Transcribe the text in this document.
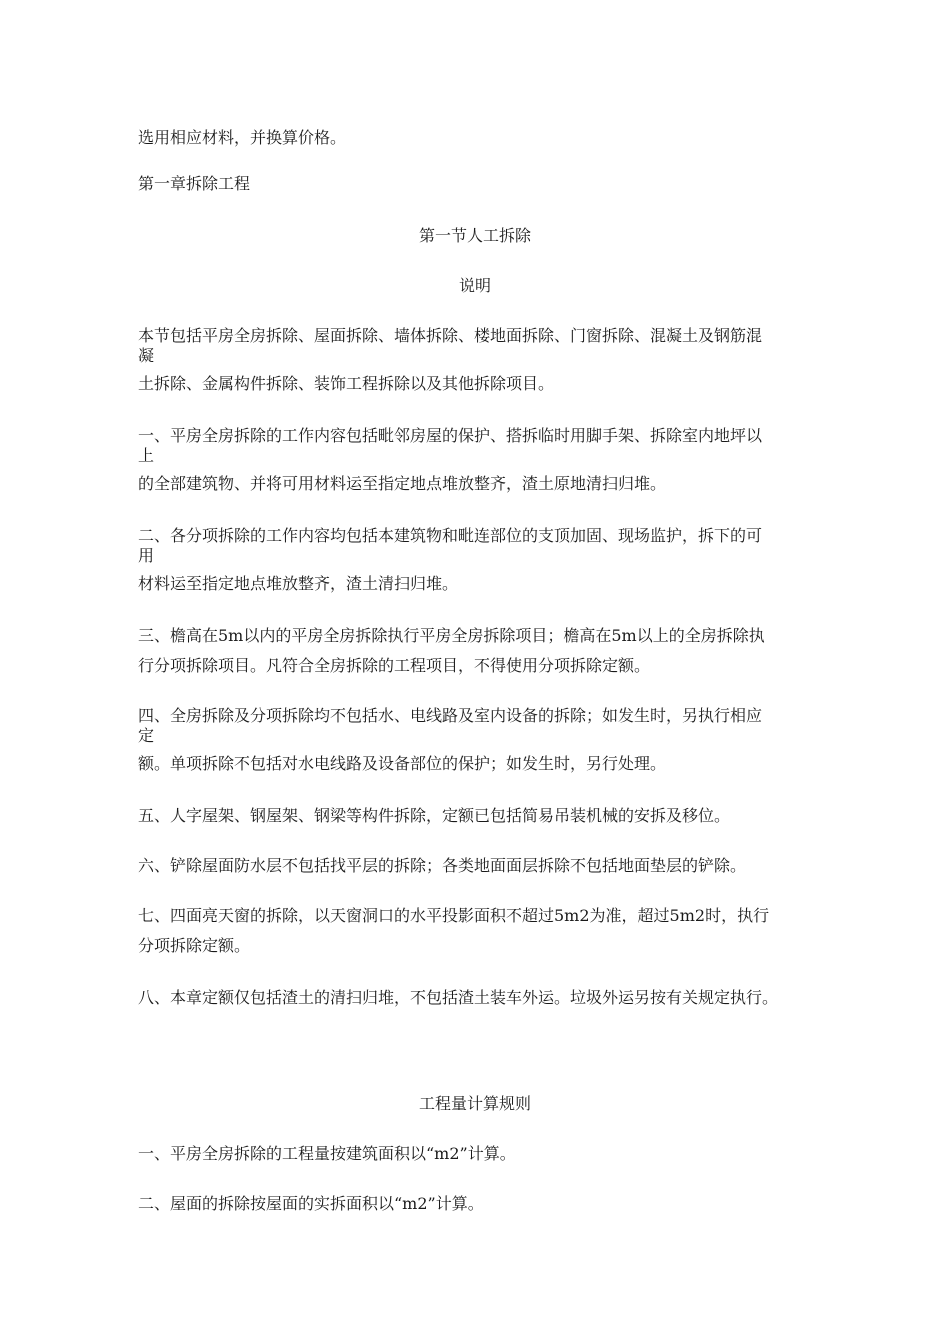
选用相应材料，并换算价格。

第一章拆除工程

第一节人工拆除

说明

本节包括平房全房拆除、屋面拆除、墙体拆除、楼地面拆除、门窗拆除、混凝土及钢筋混

凝

土拆除、金属构件拆除、装饰工程拆除以及其他拆除项目。

一、平房全房拆除的工作内容包括毗邻房屋的保护、搭拆临时用脚手架、拆除室内地坪以

上

的全部建筑物、并将可用材料运至指定地点堆放整齐，渣土原地清扫归堆。

二、各分项拆除的工作内容均包括本建筑物和毗连部位的支顶加固、现场监护，拆下的可

用

材料运至指定地点堆放整齐，渣土清扫归堆。

三、檐高在5m以内的平房全房拆除执行平房全房拆除项目；檐高在5m以上的全房拆除执

行分项拆除项目。凡符合全房拆除的工程项目，不得使用分项拆除定额。

四、全房拆除及分项拆除均不包括水、电线路及室内设备的拆除；如发生时，另执行相应

定

额。单项拆除不包括对水电线路及设备部位的保护；如发生时，另行处理。

五、人字屋架、钢屋架、钢梁等构件拆除，定额已包括简易吊装机械的安拆及移位。

六、铲除屋面防水层不包括找平层的拆除；各类地面面层拆除不包括地面垫层的铲除。

七、四面亮天窗的拆除，以天窗洞口的水平投影面积不超过5m2为准，超过5m2时，执行

分项拆除定额。

八、本章定额仅包括渣土的清扫归堆，不包括渣土装车外运。垃圾外运另按有关规定执行。

工程量计算规则

一、平房全房拆除的工程量按建筑面积以“m2”计算。

二、屋面的拆除按屋面的实拆面积以“m2”计算。
